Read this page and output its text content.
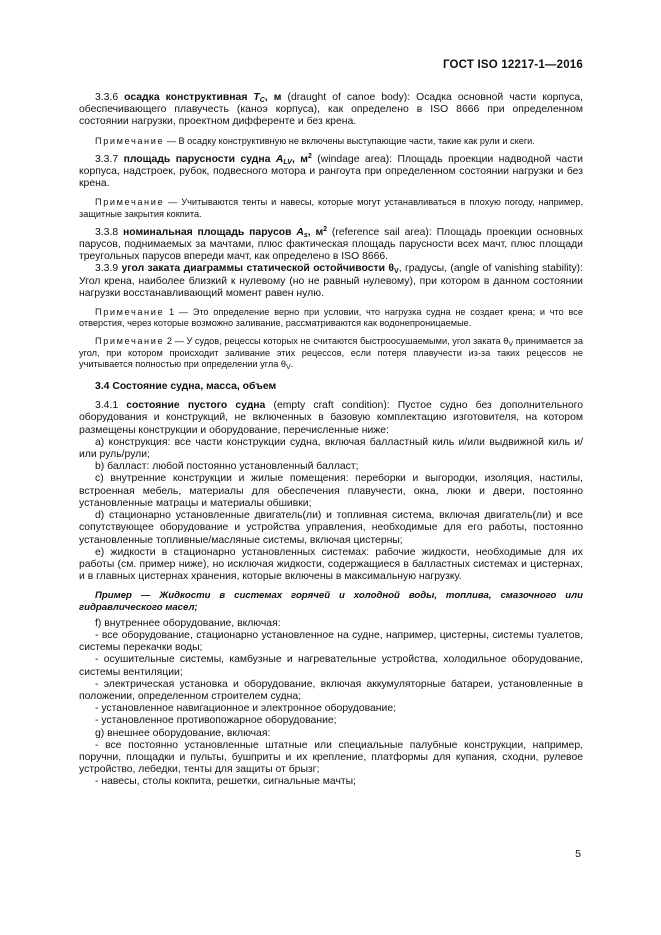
ГОСТ ISO 12217-1—2016

3.3.6 осадка конструктивная $T_C$, м (draught of canoe body): Осадка основной части корпуса, обеспечивающего плавучесть (каноэ корпуса), как определено в ISO 8666 при определенном состоянии нагрузки, проектном дифференте и без крена.

Примечание — В осадку конструктивную не включены выступающие части, такие как рули и скеги.

3.3.7 площадь парусности судна $A_{LV}$, $м^2$ (windage area): Площадь проекции надводной части корпуса, надстроек, рубок, подвесного мотора и рангоута при определенном состоянии нагрузки и без крена.

Примечание — Учитываются тенты и навесы, которые могут устанавливаться в плохую погоду, например, защитные закрытия кокпита.

3.3.8 номинальная площадь парусов $A_s$, $м^2$ (reference sail area): Площадь проекции основных парусов, поднимаемых за мачтами, плюс фактическая площадь парусности всех мачт, плюс площади треугольных парусов впереди мачт, как определено в ISO 8666.

3.3.9 угол заката диаграммы статической остойчивости $\theta_V$, градусы, (angle of vanishing stability): Угол крена, наиболее близкий к нулевому (но не равный нулевому), при котором в данном состоянии нагрузки восстанавливающий момент равен нулю.

Примечание 1 — Это определение верно при условии, что нагрузка судна не создает крена; и что все отверстия, через которые возможно заливание, рассматриваются как водонепроницаемые.

Примечание 2 — У судов, рецессы которых не считаются быстроосушаемыми, угол заката $\theta_V$ принимается за угол, при котором происходит заливание этих рецессов, если потеря плавучести из-за таких рецессов не учитывается полностью при определении угла $\theta_V$.

3.4 Состояние судна, масса, объем

3.4.1 состояние пустого судна (empty craft condition): Пустое судно без дополнительного оборудования и конструкций, не включенных в базовую комплектацию изготовителя, на котором размещены конструкции и оборудование, перечисленные ниже:

a) конструкция: все части конструкции судна, включая балластный киль и/или выдвижной киль и/или руль/рули;

b) балласт: любой постоянно установленный балласт;

c) внутренние конструкции и жилые помещения: переборки и выгородки, изоляция, настилы, встроенная мебель, материалы для обеспечения плавучести, окна, люки и двери, постоянно установленные матрацы и материалы обшивки;

d) стационарно установленные двигатель(ли) и топливная система, включая двигатель(ли) и все сопутствующее оборудование и устройства управления, необходимые для его работы, постоянно установленные топливные/масляные системы, включая цистерны;

e) жидкости в стационарно установленных системах: рабочие жидкости, необходимые для их работы (см. пример ниже), но исключая жидкости, содержащиеся в балластных системах и цистернах, и в главных цистернах хранения, которые включены в максимальную нагрузку.

Пример — Жидкости в системах горячей и холодной воды, топлива, смазочного или гидравлического масел;

f) внутреннее оборудование, включая:

- все оборудование, стационарно установленное на судне, например, цистерны, системы туалетов, системы перекачки воды;

- осушительные системы, камбузные и нагревательные устройства, холодильное оборудование, системы вентиляции;

- электрическая установка и оборудование, включая аккумуляторные батареи, установленные в положении, определенном строителем судна;

- установленное навигационное и электронное оборудование;

- установленное противопожарное оборудование;

g) внешнее оборудование, включая:

- все постоянно установленные штатные или специальные палубные конструкции, например, поручни, площадки и пульты, бушприты и их крепление, платформы для купания, сходни, рулевое устройство, лебедки, тенты для защиты от брызг;

- навесы, столы кокпита, решетки, сигнальные мачты;

5
